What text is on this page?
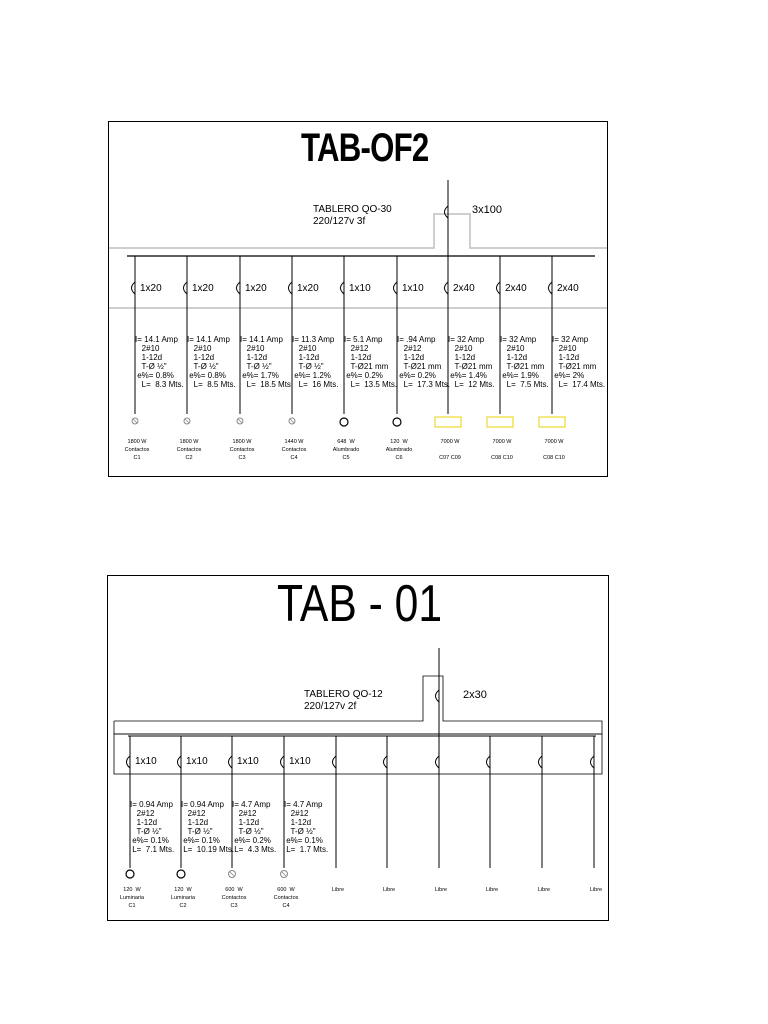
TAB-OF2
TABLERO QO-30
220/127v 3f
3x100
1x20
I= 14.1 Amp
2#10
1-12d
T-Ø ½"
e%= 0.8%
L=  8.3 Mts.
1800 W
Contactos
C1
1x20
I= 14.1 Amp
2#10
1-12d
T-Ø ½"
e%= 0.8%
L=  8.5 Mts.
1800 W
Contactos
C2
1x20
I= 14.1 Amp
2#10
1-12d
T-Ø ½"
e%= 1.7%
L=  18.5 Mts.
1800 W
Contactos
C3
1x20
I= 11.3 Amp
2#10
1-12d
T-Ø ½"
e%= 1.2%
L=  16 Mts.
1440 W
Contactos
C4
1x10
I= 5.1 Amp
2#12
1-12d
T-Ø21 mm
e%= 0.2%
L=  13.5 Mts.
648  W
Alumbrado
C5
1x10
I= .94 Amp
2#12
1-12d
T-Ø21 mm
e%= 0.2%
L=  17.3 Mts.
120  W
Alumbrado
C6
2x40
I= 32 Amp
2#10
1-12d
T-Ø21 mm
e%= 1.4%
L=  12 Mts.
7000 W

C07 C09
2x40
I= 32 Amp
2#10
1-12d
T-Ø21 mm
e%= 1.9%
L=  7.5 Mts.
7000 W

C08 C10
2x40
I= 32 Amp
2#10
1-12d
T-Ø21 mm
e%= 2%
L=  17.4 Mts.
7000 W

C08 C10
TAB - 01
TABLERO QO-12
220/127v 2f
2x30
1x10
I= 0.94 Amp
2#12
1-12d
T-Ø ½"
e%= 0.1%
L=  7.1 Mts.
120  W
Luminaria
C1
1x10
I= 0.94 Amp
2#12
1-12d
T-Ø ½"
e%= 0.1%
L=  10.19 Mts.
120  W
Luminaria
C2
1x10
I= 4.7 Amp
2#12
1-12d
T-Ø ½"
e%= 0.2%
L=  4.3 Mts.
600  W
Contactos
C3
1x10
I= 4.7 Amp
2#12
1-12d
T-Ø ½"
e%= 0.1%
L=  1.7 Mts.
600  W
Contactos
C4
Libre	Libre	Libre	Libre	Libre	Libre
